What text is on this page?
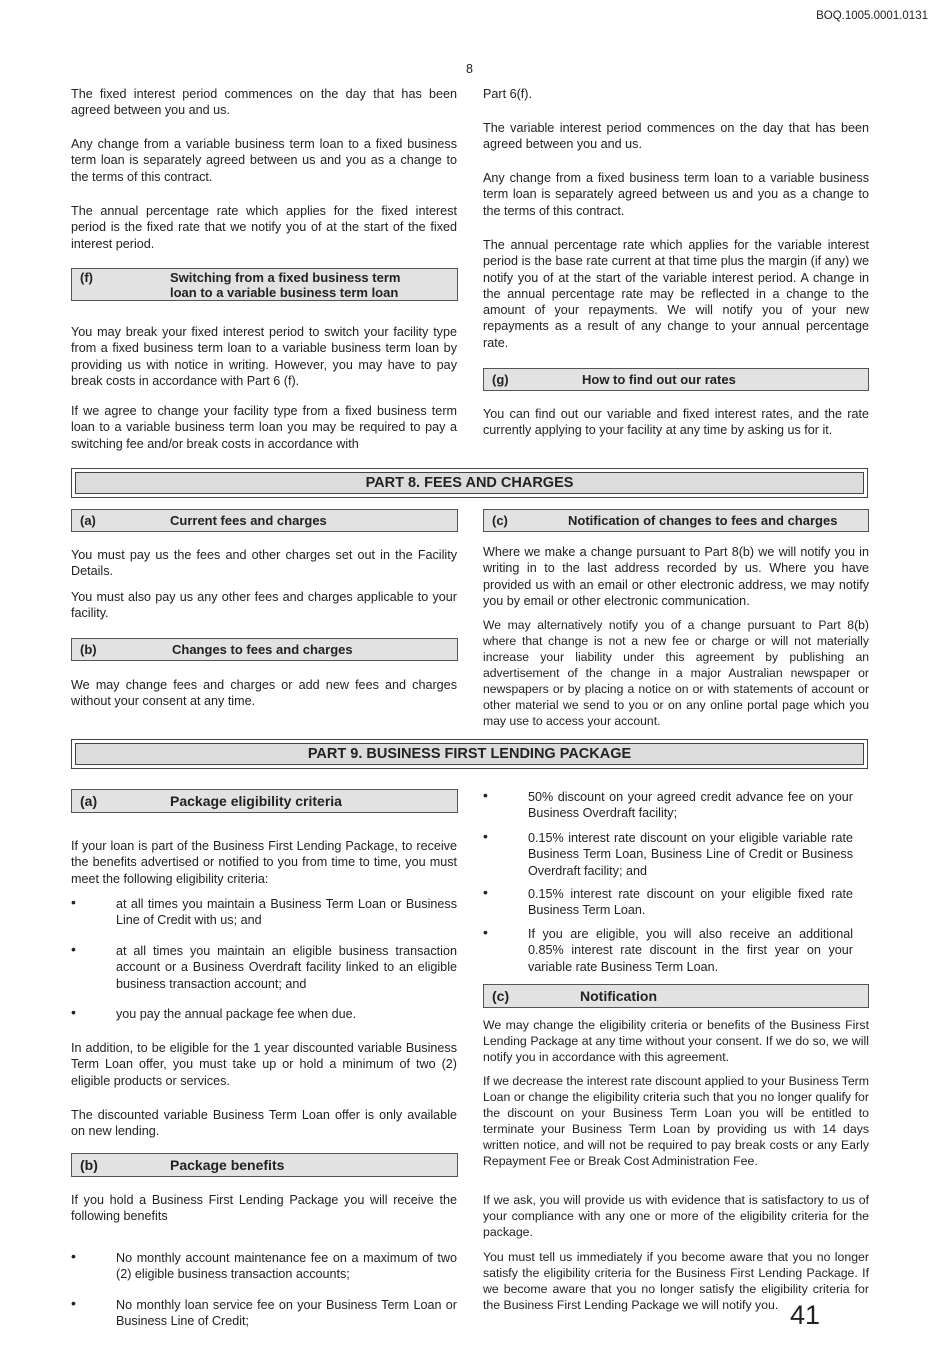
BOQ.1005.0001.0131
8

The fixed interest period commences on the day that has been agreed between you and us.

Any change from a variable business term loan to a fixed business term loan is separately agreed between us and you as a change to the terms of this contract.

The annual percentage rate which applies for the fixed interest period is the fixed rate that we notify you of at the start of the fixed interest period.

(f)	Switching from a fixed business term
loan to a variable business term loan

You may break your fixed interest period to switch your facility type from a fixed business term loan to a variable business term loan by providing us with notice in writing. However, you may have to pay break costs in accordance with Part 6 (f).

If we agree to change your facility type from a fixed business term loan to a variable business term loan you may be required to pay a switching fee and/or break costs in accordance with

Part 6(f).

The variable interest period commences on the day that has been agreed between you and us.

Any change from a fixed business term loan to a variable business term loan is separately agreed between us and you as a change to the terms of this contract.

The annual percentage rate which applies for the variable interest period is the base rate current at that time plus the margin (if any) we notify you of at the start of the variable interest period. A change in the annual percentage rate may be reflected in a change to the amount of your repayments. We will notify you of your new repayments as a result of any change to your annual percentage rate.

(g)	How to find out our rates

You can find out our variable and fixed interest rates, and the rate currently applying to your facility at any time by asking us for it.

PART 8. FEES AND CHARGES
(a)	Current fees and charges

You must pay us the fees and other charges set out in the Facility Details.

You must also pay us any other fees and charges applicable to your facility.

(b)	Changes to fees and charges

We may change fees and charges or add new fees and charges without your consent at any time.

(c)	Notification of changes to fees and charges

Where we make a change pursuant to Part 8(b) we will notify you in writing in to the last address recorded by us. Where you have provided us with an email or other electronic address, we may notify you by email or other electronic communication.

We may alternatively notify you of a change pursuant to Part 8(b) where that change is not a new fee or charge or will not materially increase your liability under this agreement by publishing an advertisement of the change in a major Australian newspaper or newspapers or by placing a notice on or with statements of account or other material we send to you or on any online portal page which you may use to access your account.

PART 9. BUSINESS FIRST LENDING PACKAGE
(a)	Package eligibility criteria

If your loan is part of the Business First Lending Package, to receive the benefits advertised or notified to you from time to time, you must meet the following eligibility criteria:

•	at all times you maintain a Business Term Loan or Business Line of Credit with us; and
•	at all times you maintain an eligible business transaction account or a Business Overdraft facility linked to an eligible business transaction account; and
•	you pay the annual package fee when due.

In addition, to be eligible for the 1 year discounted variable Business Term Loan offer, you must take up or hold a minimum of two (2) eligible products or services.

The discounted variable Business Term Loan offer is only available on new lending.

(b)	Package benefits

If you hold a Business First Lending Package you will receive the following benefits

•	No monthly account maintenance fee on a maximum of two (2) eligible business transaction accounts;
•	No monthly loan service fee on your Business Term Loan or Business Line of Credit;
•	50% discount on your agreed credit advance fee on your Business Overdraft facility;
•	0.15% interest rate discount on your eligible variable rate Business Term Loan, Business Line of Credit or Business Overdraft facility; and
•	0.15% interest rate discount on your eligible fixed rate Business Term Loan.
•	If you are eligible, you will also receive an additional 0.85% interest rate discount in the first year on your variable rate Business Term Loan.
(c)	Notification

We may change the eligibility criteria or benefits of the Business First Lending Package at any time without your consent. If we do so, we will notify you in accordance with this agreement.

If we decrease the interest rate discount applied to your Business Term Loan or change the eligibility criteria such that you no longer qualify for the discount on your Business Term Loan you will be entitled to terminate your Business Term Loan by providing us with 14 days written notice, and will not be required to pay break costs or any Early Repayment Fee or Break Cost Administration Fee.

If we ask, you will provide us with evidence that is satisfactory to us of your compliance with any one or more of the eligibility criteria for the package.

You must tell us immediately if you become aware that you no longer satisfy the eligibility criteria for the Business First Lending Package. If we become aware that you no longer satisfy the eligibility criteria for the Business First Lending Package we will notify you. 41
